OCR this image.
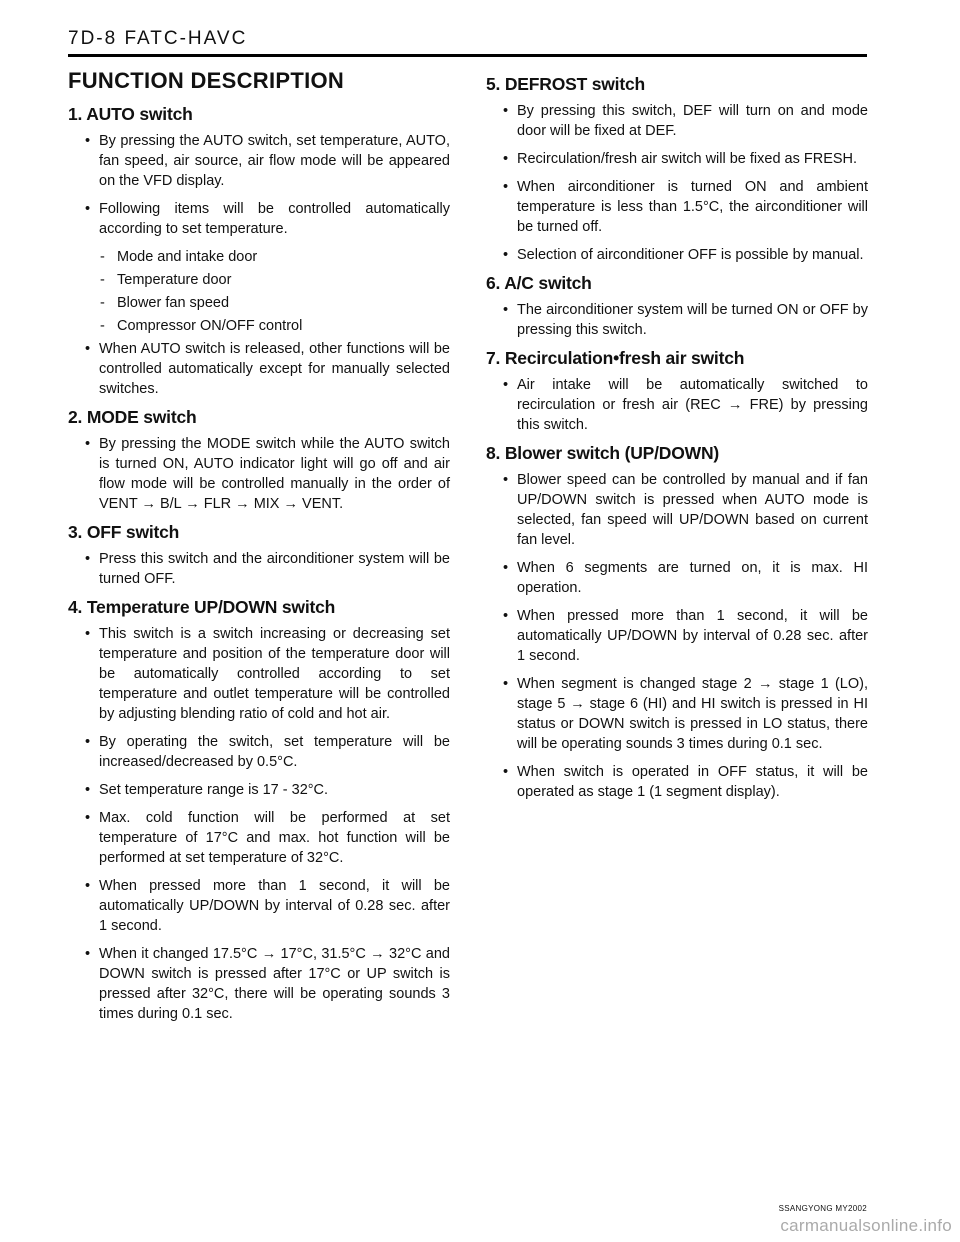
7D-8 FATC-HAVC
FUNCTION DESCRIPTION
1. AUTO switch
• By pressing the AUTO switch, set temperature, AUTO, fan speed, air source, air flow mode will be appeared on the VFD display.
• Following items will be controlled automatically according to set temperature.
- Mode and intake door
- Temperature door
- Blower fan speed
- Compressor ON/OFF control
• When AUTO switch is released, other functions will be controlled automatically except for manually selected switches.
2. MODE switch
• By pressing the MODE switch while the AUTO switch is turned ON, AUTO indicator light will go off and air flow mode will be controlled manually in the order of VENT → B/L → FLR → MIX → VENT.
3. OFF switch
• Press this switch and the airconditioner system will be turned OFF.
4. Temperature UP/DOWN switch
• This switch is a switch increasing or decreasing set temperature and position of the temperature door will be automatically controlled according to set temperature and outlet temperature will be controlled by adjusting blending ratio of cold and hot air.
• By operating the switch, set temperature will be increased/decreased by 0.5°C.
• Set temperature range is 17 - 32°C.
• Max. cold function will be performed at set temperature of 17°C and max. hot function will be performed at set temperature of 32°C.
• When pressed more than 1 second, it will be automatically UP/DOWN by interval of 0.28 sec. after 1 second.
• When it changed 17.5°C → 17°C, 31.5°C → 32°C and DOWN switch is pressed after 17°C or UP switch is pressed after 32°C, there will be operating sounds 3 times during 0.1 sec.
5. DEFROST switch
• By pressing this switch, DEF will turn on and mode door will be fixed at DEF.
• Recirculation/fresh air switch will be fixed as FRESH.
• When airconditioner is turned ON and ambient temperature is less than 1.5°C, the airconditioner will be turned off.
• Selection of airconditioner OFF is possible by manual.
6. A/C switch
• The airconditioner system will be turned ON or OFF by pressing this switch.
7. Recirculation•fresh air switch
• Air intake will be automatically switched to recirculation or fresh air (REC → FRE) by pressing this switch.
8. Blower switch (UP/DOWN)
• Blower speed can be controlled by manual and if fan UP/DOWN switch is pressed when AUTO mode is selected, fan speed will UP/DOWN based on current fan level.
• When 6 segments are turned on, it is max. HI operation.
• When pressed more than 1 second, it will be automatically UP/DOWN by interval of 0.28 sec. after 1 second.
• When segment is changed stage 2 → stage 1 (LO), stage 5 → stage 6 (HI) and HI switch is pressed in HI status or DOWN switch is pressed in LO status, there will be operating sounds 3 times during 0.1 sec.
• When switch is operated in OFF status, it will be operated as stage 1 (1 segment display).
SSANGYONG MY2002
carmanualsonline.info
